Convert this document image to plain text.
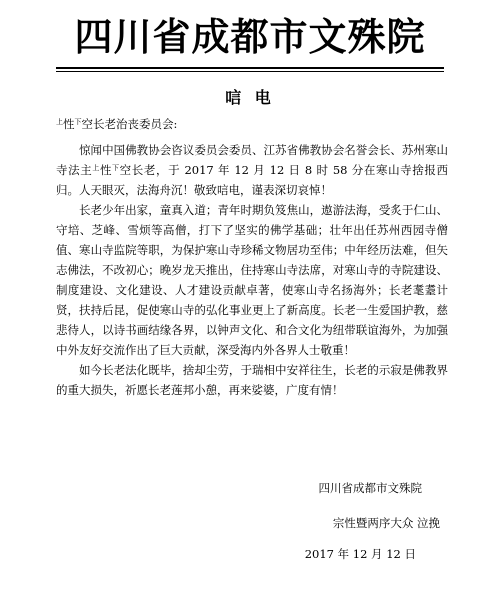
四川省成都市文殊院
唁 电

$^上$性$^下$空长老治丧委员会:

惊闻中国佛教协会咨议委员会委员、江苏省佛教协会名誉会长、苏州寒山寺法主$^上$性$^下$空长老，于 2017 年 12 月 12 日 8 时 58 分在寒山寺捨报西归。人天眼灭，法海舟沉！敬致唁电，谨表深切哀悼！

长老少年出家，童真入道；青年时期负笈焦山，遨游法海，受炙于仁山、守培、芝峰、雪烦等高僧，打下了坚实的佛学基础；壮年出任苏州西园寺僧值、寒山寺监院等职，为保护寒山寺珍稀文物居功至伟；中年经历法难，但矢志佛法，不改初心；晚岁龙天推出，住持寒山寺法席，对寒山寺的寺院建设、制度建设、文化建设、人才建设贡献卓著，使寒山寺名扬海外；长老耄耋计贤，扶持后昆，促使寒山寺的弘化事业更上了新高度。长老一生爱国护教，慈悲待人，以诗书画结缘各界，以钟声文化、和合文化为纽带联谊海外，为加强中外友好交流作出了巨大贡献，深受海内外各界人士敬重！

如今长老法化既毕，捨却尘劳，于瑞相中安祥往生，长老的示寂是佛教界的重大损失，祈愿长老莲邦小憩，再来娑婆，广度有情！

四川省成都市文殊院

宗性暨两序大众 泣挽

2017 年 12 月 12 日
